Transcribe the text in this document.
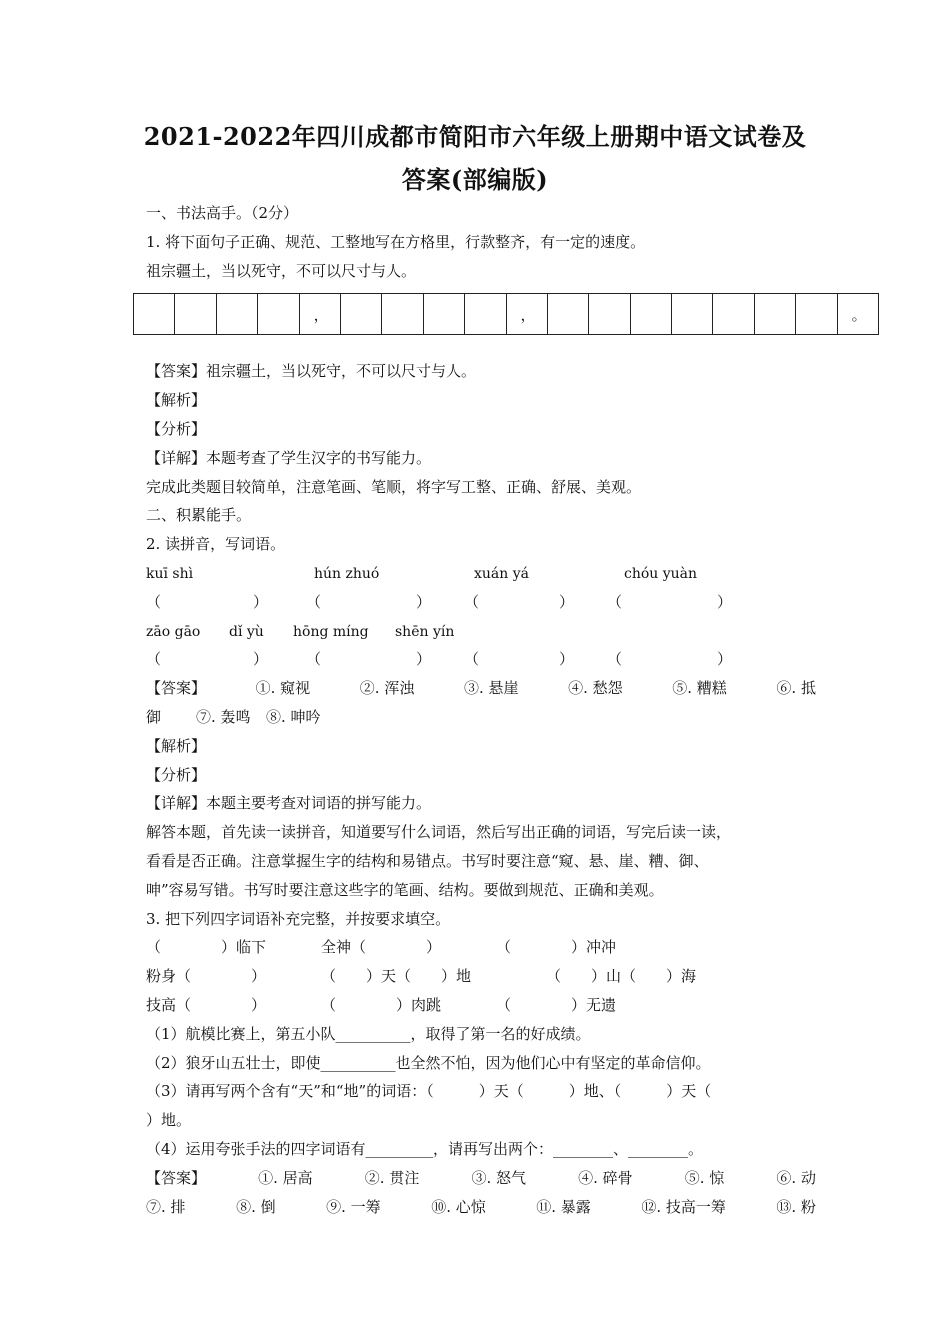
2021-2022年四川成都市简阳市六年级上册期中语文试卷及
答案(部编版)
一、书法高手。（2分）
1. 将下面句子正确、规范、工整地写在方格里，行款整齐，有一定的速度。
祖宗疆土，当以死守，不可以尺寸与人。
，	，	。
【答案】祖宗疆土，当以死守，不可以尺寸与人。
【解析】
【分析】
【详解】本题考查了学生汉字的书写能力。
完成此类题目较简单，注意笔画、笔顺，将字写工整、正确、舒展、美观。
二、积累能手。
2. 读拼音，写词语。
kuī shì	hún zhuó	xuán yá	chóu yuàn
（	）	（	） （	） （	）
zāo gāo dǐ yù hōng míng shēn yín
（	）	（	） （	） （	）
【答案】	①. 窥视	②. 浑浊	③. 悬崖	④. 愁怨	⑤. 糟糕	⑥. 抵
御 ⑦. 轰鸣 ⑧. 呻吟
【解析】
【分析】
【详解】本题主要考查对词语的拼写能力。
解答本题，首先读一读拼音，知道要写什么词语，然后写出正确的词语，写完后读一读，
看看是否正确。注意掌握生字的结构和易错点。书写时要注意“窥、悬、崖、糟、御、
呻”容易写错。书写时要注意这些字的笔画、结构。要做到规范、正确和美观。
3. 把下列四字词语补充完整，并按要求填空。
（　　　　）临下	全神（　　　　）	（　　　　）冲冲
粉身（　　　　）	（　　）天（　　）地	（　　）山（　　）海
技高（　　　　）	（　　　　）肉跳	（　　　　）无遗
（1）航模比赛上，第五小队__________，取得了第一名的好成绩。
（2）狼牙山五壮士，即使__________也全然不怕，因为他们心中有坚定的革命信仰。
（3）请再写两个含有“天”和“地”的词语：（　　　）天（　　　）地、（　　　）天（
）地。
（4）运用夸张手法的四字词语有_________，请再写出两个：________、________。
【答案】	①. 居高	②. 贯注	③. 怒气	④. 碎骨	⑤. 惊	⑥. 动
⑦. 排	⑧. 倒	⑨. 一筹	⑩. 心惊	⑪. 暴露	⑫. 技高一筹	⑬. 粉
